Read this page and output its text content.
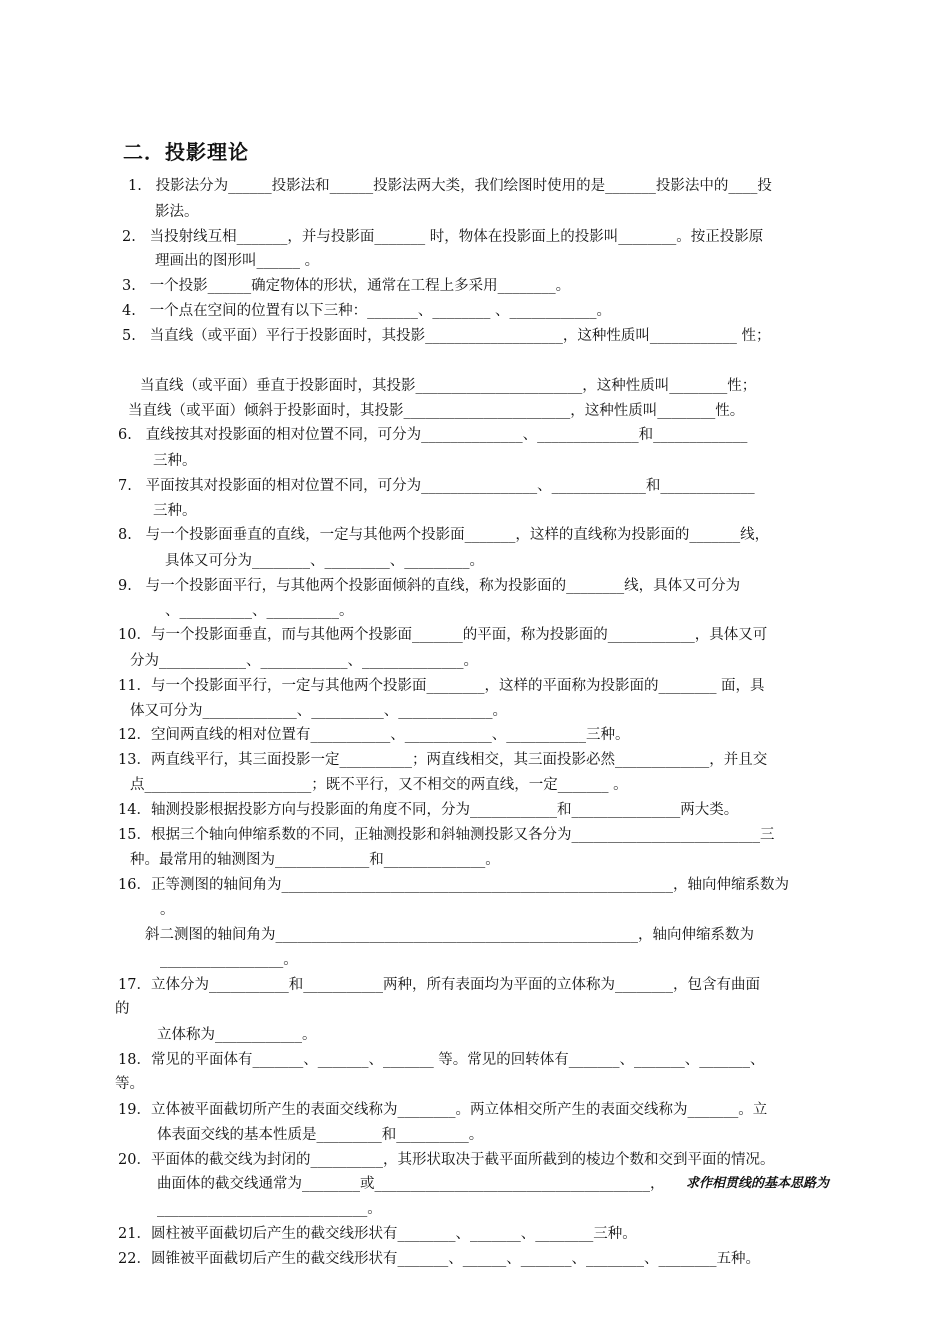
二．投影理论
1.   投影法分为______投影法和______投影法两大类，我们绘图时使用的是_______投影法中的____投
影法。
2.   当投射线互相_______，并与投影面_______ 时，物体在投影面上的投影叫________。按正投影原
理画出的图形叫______ 。
3.   一个投影______确定物体的形状，通常在工程上多采用________。
4.   一个点在空间的位置有以下三种：_______、________ 、____________。
5.   当直线（或平面）平行于投影面时，其投影___________________，这种性质叫____________ 性；
当直线（或平面）垂直于投影面时，其投影_______________________，这种性质叫________性；
当直线（或平面）倾斜于投影面时，其投影_______________________，这种性质叫________性。
6.   直线按其对投影面的相对位置不同，可分为______________、______________和_____________
三种。
7.   平面按其对投影面的相对位置不同，可分为________________、_____________和_____________
三种。
8.   与一个投影面垂直的直线，一定与其他两个投影面_______，这样的直线称为投影面的_______线，
具体又可分为________、_________、_________。
9.   与一个投影面平行，与其他两个投影面倾斜的直线，称为投影面的________线，具体又可分为
、__________、__________。
10．与一个投影面垂直，而与其他两个投影面_______的平面，称为投影面的____________，具体又可
分为____________、____________、______________。
11．与一个投影面平行，一定与其他两个投影面________，这样的平面称为投影面的________ 面，具
体又可分为_____________、__________、_____________。
12．空间两直线的相对位置有___________、____________、___________三种。
13．两直线平行，其三面投影一定__________；两直线相交，其三面投影必然_____________，并且交
点_______________________；既不平行，又不相交的两直线，一定_______ 。
14．轴测投影根据投影方向与投影面的角度不同，分为____________和_______________两大类。
15．根据三个轴向伸缩系数的不同，正轴测投影和斜轴测投影又各分为__________________________三
种。最常用的轴测图为_____________和______________。
16．正等测图的轴间角为______________________________________________________，轴向伸缩系数为
。
斜二测图的轴间角为__________________________________________________，轴向伸缩系数为
_________________。
17．立体分为___________和___________两种，所有表面均为平面的立体称为________，包含有曲面
的
立体称为____________。
18．常见的平面体有_______、_______、_______ 等。常见的回转体有_______、_______、_______、
等。
19．立体被平面截切所产生的表面交线称为________。两立体相交所产生的表面交线称为_______。立
体表面交线的基本性质是_________和__________。
20．平面体的截交线为封闭的__________，其形状取决于截平面所截到的棱边个数和交到平面的情况。
曲面体的截交线通常为________或______________________________________， 求作相贯线的基本思路为
_____________________________。
21．圆柱被平面截切后产生的截交线形状有________、_______、________三种。
22．圆锥被平面截切后产生的截交线形状有_______、______、_______、________、________五种。
